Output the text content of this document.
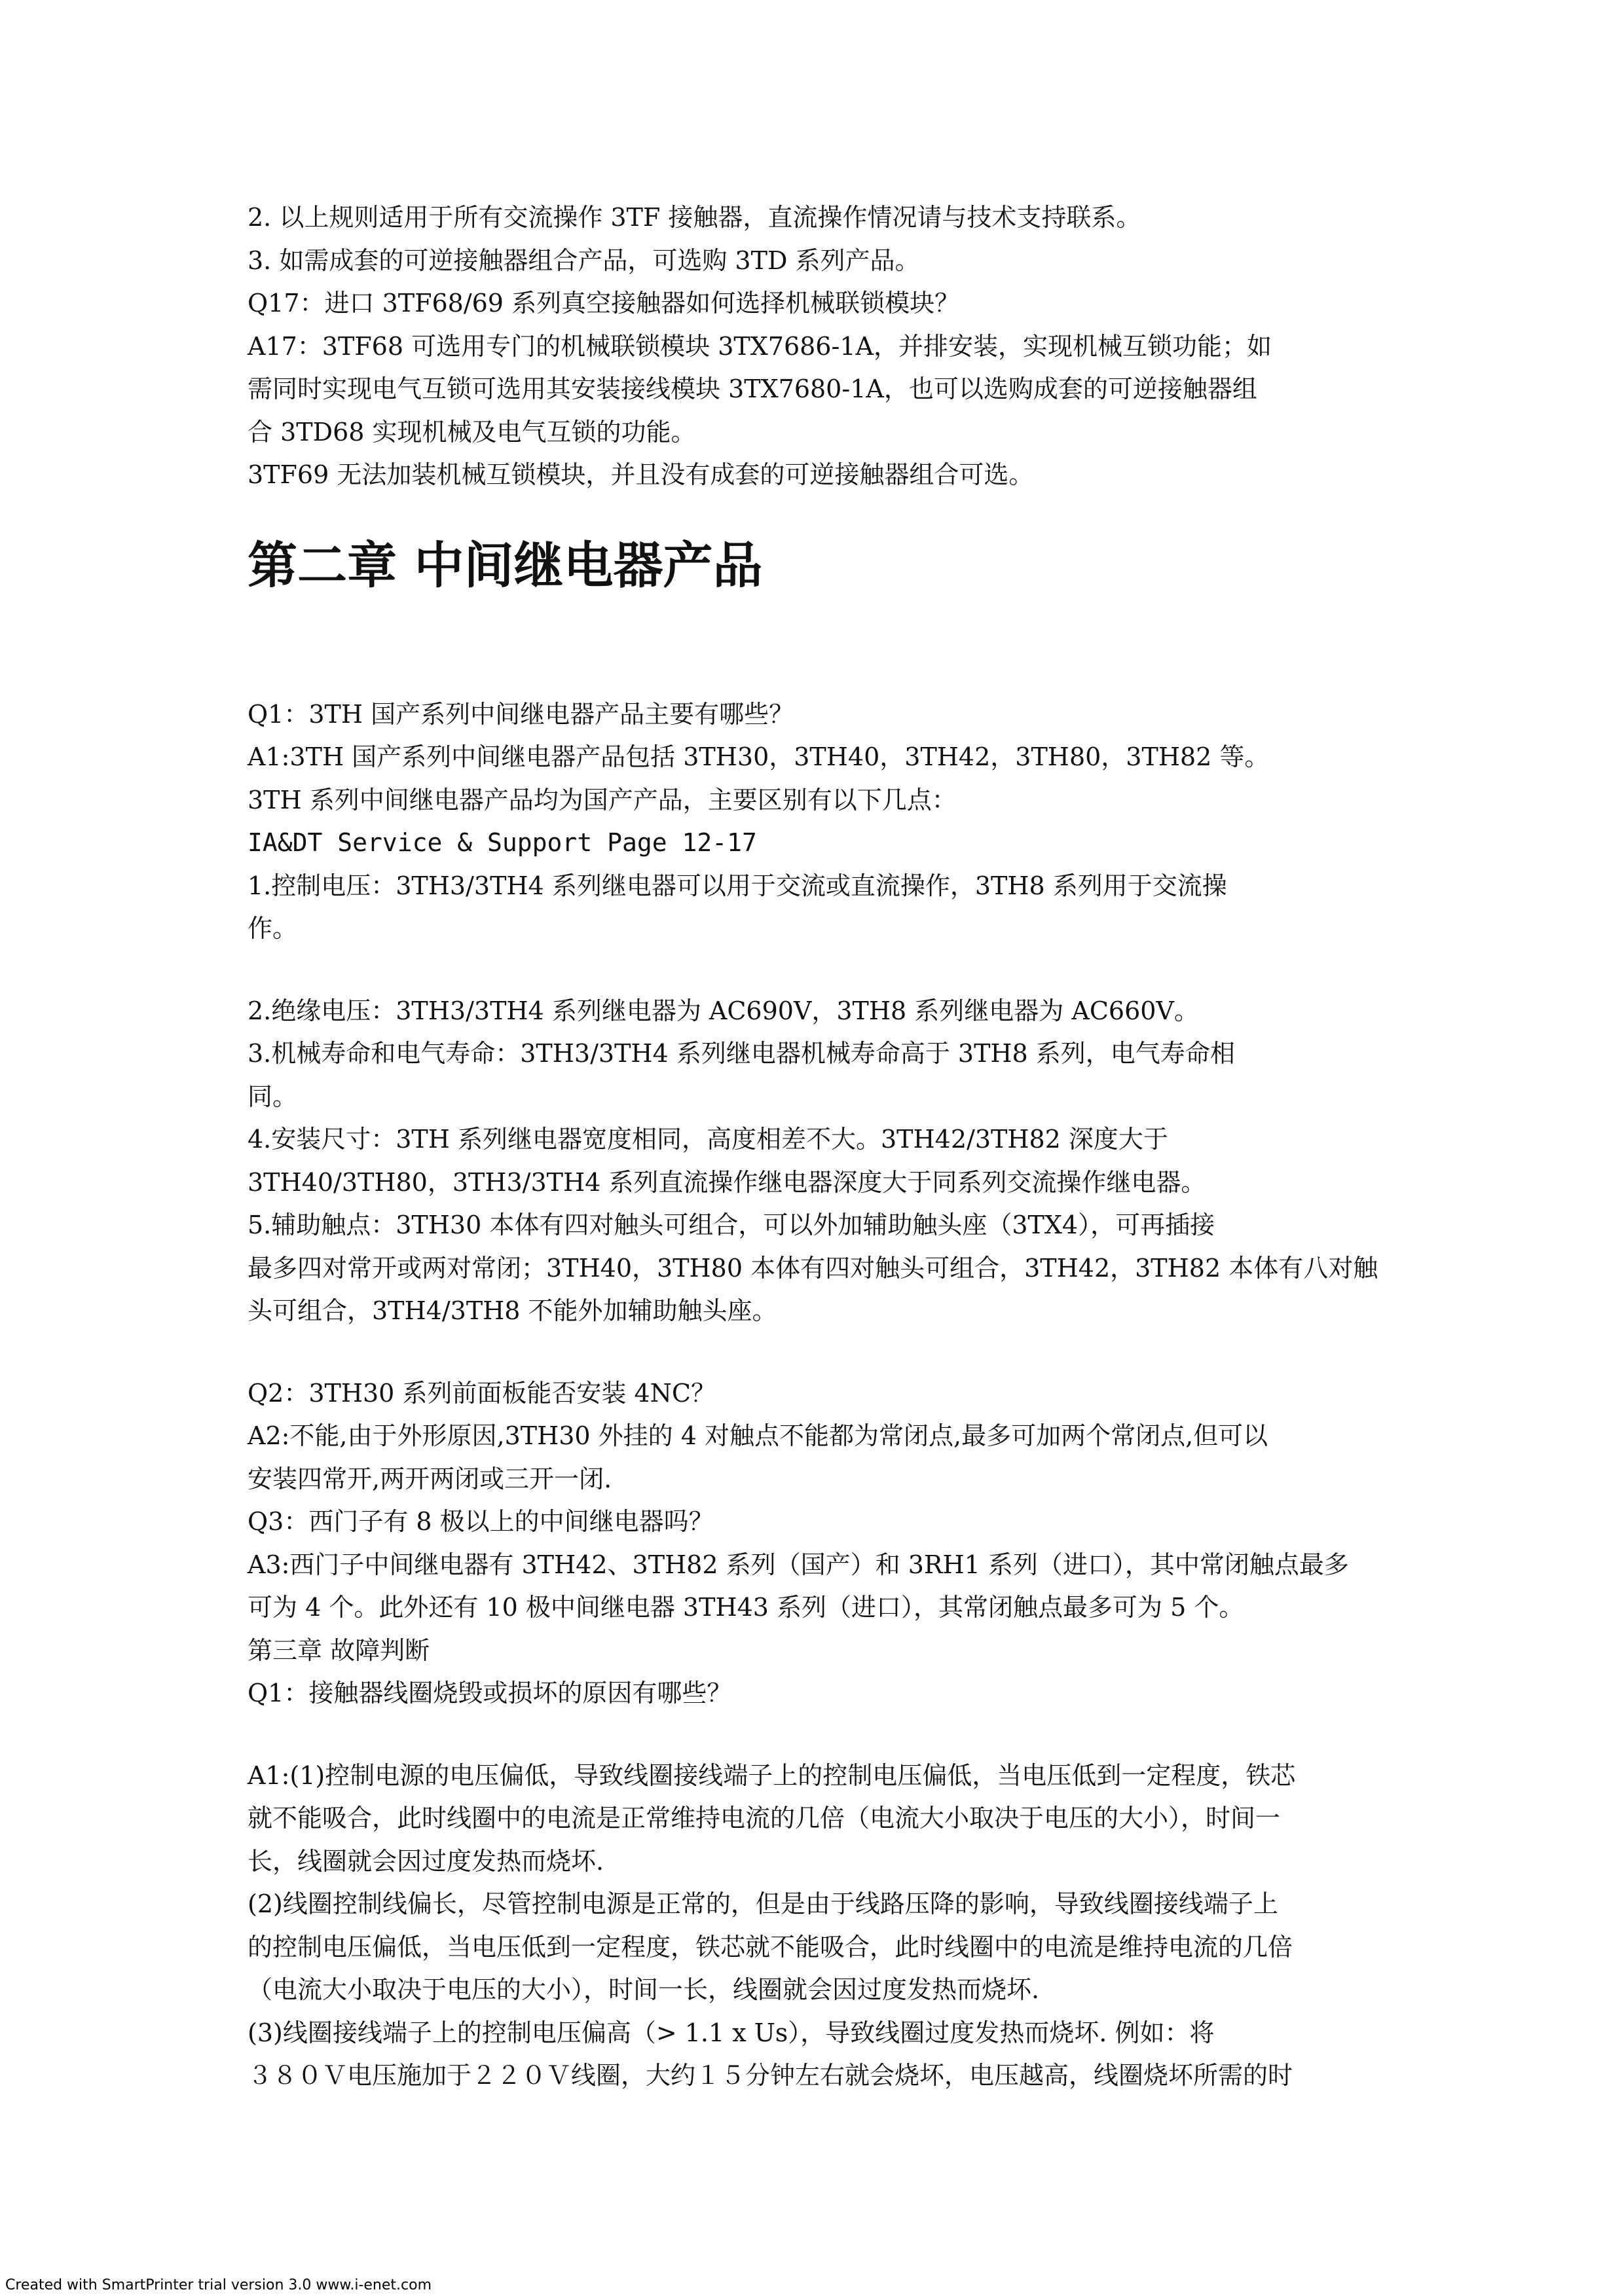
2. 以上规则适用于所有交流操作 3TF 接触器，直流操作情况请与技术支持联系。

3. 如需成套的可逆接触器组合产品，可选购 3TD 系列产品。

Q17：进口 3TF68/69 系列真空接触器如何选择机械联锁模块？

A17：3TF68 可选用专门的机械联锁模块 3TX7686-1A，并排安装，实现机械互锁功能；如

需同时实现电气互锁可选用其安装接线模块 3TX7680-1A，也可以选购成套的可逆接触器组

合 3TD68 实现机械及电气互锁的功能。

3TF69 无法加装机械互锁模块，并且没有成套的可逆接触器组合可选。

第二章 中间继电器产品

Q1：3TH 国产系列中间继电器产品主要有哪些？

A1:3TH 国产系列中间继电器产品包括 3TH30，3TH40，3TH42，3TH80，3TH82 等。

3TH 系列中间继电器产品均为国产产品，主要区别有以下几点：

IA&DT Service & Support Page 12-17

1.控制电压：3TH3/3TH4 系列继电器可以用于交流或直流操作，3TH8 系列用于交流操

作。

2.绝缘电压：3TH3/3TH4 系列继电器为 AC690V，3TH8 系列继电器为 AC660V。

3.机械寿命和电气寿命：3TH3/3TH4 系列继电器机械寿命高于 3TH8 系列，电气寿命相

同。

4.安装尺寸：3TH 系列继电器宽度相同，高度相差不大。3TH42/3TH82 深度大于

3TH40/3TH80，3TH3/3TH4 系列直流操作继电器深度大于同系列交流操作继电器。

5.辅助触点：3TH30 本体有四对触头可组合，可以外加辅助触头座（3TX4），可再插接

最多四对常开或两对常闭；3TH40，3TH80 本体有四对触头可组合，3TH42，3TH82 本体有八对触

头可组合，3TH4/3TH8 不能外加辅助触头座。

Q2：3TH30 系列前面板能否安装 4NC？

A2:不能,由于外形原因,3TH30 外挂的 4 对触点不能都为常闭点,最多可加两个常闭点,但可以

安装四常开,两开两闭或三开一闭.

Q3：西门子有 8 极以上的中间继电器吗？

A3:西门子中间继电器有 3TH42、3TH82 系列（国产）和 3RH1 系列（进口），其中常闭触点最多

可为 4 个。此外还有 10 极中间继电器 3TH43 系列（进口），其常闭触点最多可为 5 个。

第三章 故障判断

Q1：接触器线圈烧毁或损坏的原因有哪些？

A1:(1)控制电源的电压偏低，导致线圈接线端子上的控制电压偏低，当电压低到一定程度，铁芯

就不能吸合，此时线圈中的电流是正常维持电流的几倍（电流大小取决于电压的大小），时间一

长，线圈就会因过度发热而烧坏.

(2)线圈控制线偏长，尽管控制电源是正常的，但是由于线路压降的影响，导致线圈接线端子上

的控制电压偏低，当电压低到一定程度，铁芯就不能吸合，此时线圈中的电流是维持电流的几倍

（电流大小取决于电压的大小），时间一长，线圈就会因过度发热而烧坏.

(3)线圈接线端子上的控制电压偏高（> 1.1 x Us），导致线圈过度发热而烧坏. 例如：将

３８０Ｖ电压施加于２２０Ｖ线圈，大约１５分钟左右就会烧坏，电压越高，线圈烧坏所需的时

Created with SmartPrinter trial version 3.0 www.i-enet.com
